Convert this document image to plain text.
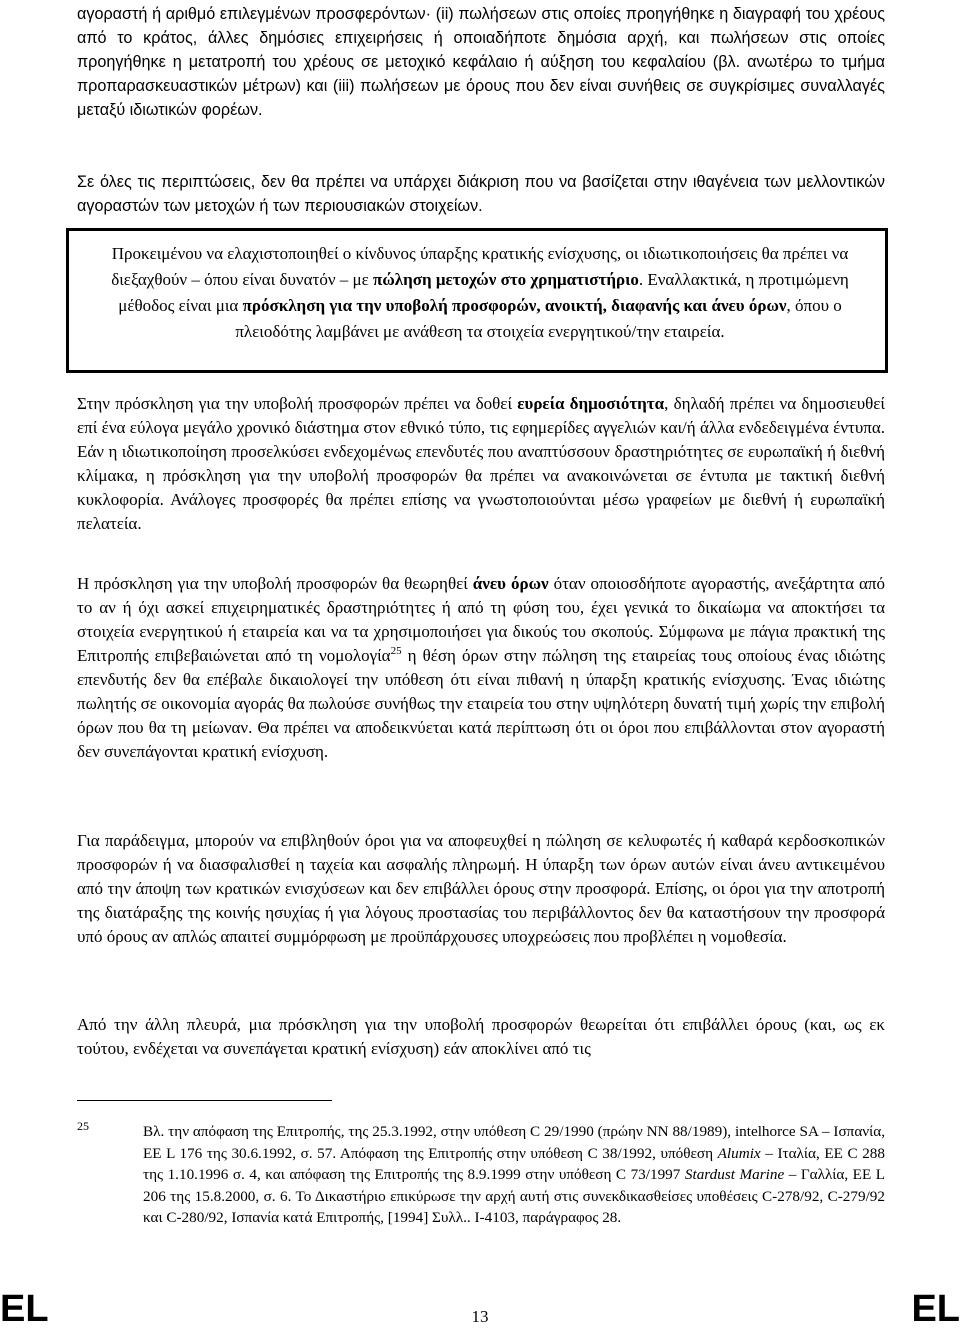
αγοραστή ή αριθμό επιλεγμένων προσφερόντων· (ii) πωλήσεων στις οποίες προηγήθηκε η διαγραφή του χρέους από το κράτος, άλλες δημόσιες επιχειρήσεις ή οποιαδήποτε δημόσια αρχή, και πωλήσεων στις οποίες προηγήθηκε η μετατροπή του χρέους σε μετοχικό κεφάλαιο ή αύξηση του κεφαλαίου (βλ. ανωτέρω το τμήμα προπαρασκευαστικών μέτρων) και (iii) πωλήσεων με όρους που δεν είναι συνήθεις σε συγκρίσιμες συναλλαγές μεταξύ ιδιωτικών φορέων.

Σε όλες τις περιπτώσεις, δεν θα πρέπει να υπάρχει διάκριση που να βασίζεται στην ιθαγένεια των μελλοντικών αγοραστών των μετοχών ή των περιουσιακών στοιχείων.

Προκειμένου να ελαχιστοποιηθεί ο κίνδυνος ύπαρξης κρατικής ενίσχυσης, οι ιδιωτικοποιήσεις θα πρέπει να διεξαχθούν – όπου είναι δυνατόν – με πώληση μετοχών στο χρηματιστήριο. Εναλλακτικά, η προτιμώμενη μέθοδος είναι μια πρόσκληση για την υποβολή προσφορών, ανοικτή, διαφανής και άνευ όρων, όπου ο πλειοδότης λαμβάνει με ανάθεση τα στοιχεία ενεργητικού/την εταιρεία.

Στην πρόσκληση για την υποβολή προσφορών πρέπει να δοθεί ευρεία δημοσιότητα, δηλαδή πρέπει να δημοσιευθεί επί ένα εύλογα μεγάλο χρονικό διάστημα στον εθνικό τύπο, τις εφημερίδες αγγελιών και/ή άλλα ενδεδειγμένα έντυπα. Εάν η ιδιωτικοποίηση προσελκύσει ενδεχομένως επενδυτές που αναπτύσσουν δραστηριότητες σε ευρωπαϊκή ή διεθνή κλίμακα, η πρόσκληση για την υποβολή προσφορών θα πρέπει να ανακοινώνεται σε έντυπα με τακτική διεθνή κυκλοφορία. Ανάλογες προσφορές θα πρέπει επίσης να γνωστοποιούνται μέσω γραφείων με διεθνή ή ευρωπαϊκή πελατεία.

Η πρόσκληση για την υποβολή προσφορών θα θεωρηθεί άνευ όρων όταν οποιοσδήποτε αγοραστής, ανεξάρτητα από το αν ή όχι ασκεί επιχειρηματικές δραστηριότητες ή από τη φύση του, έχει γενικά το δικαίωμα να αποκτήσει τα στοιχεία ενεργητικού ή εταιρεία και να τα χρησιμοποιήσει για δικούς του σκοπούς. Σύμφωνα με πάγια πρακτική της Επιτροπής επιβεβαιώνεται από τη νομολογία$^{25}$ η θέση όρων στην πώληση της εταιρείας τους οποίους ένας ιδιώτης επενδυτής δεν θα επέβαλε δικαιολογεί την υπόθεση ότι είναι πιθανή η ύπαρξη κρατικής ενίσχυσης. Ένας ιδιώτης πωλητής σε οικονομία αγοράς θα πωλούσε συνήθως την εταιρεία του στην υψηλότερη δυνατή τιμή χωρίς την επιβολή όρων που θα τη μείωναν. Θα πρέπει να αποδεικνύεται κατά περίπτωση ότι οι όροι που επιβάλλονται στον αγοραστή δεν συνεπάγονται κρατική ενίσχυση.

Για παράδειγμα, μπορούν να επιβληθούν όροι για να αποφευχθεί η πώληση σε κελυφωτές ή καθαρά κερδοσκοπικών προσφορών ή να διασφαλισθεί η ταχεία και ασφαλής πληρωμή. Η ύπαρξη των όρων αυτών είναι άνευ αντικειμένου από την άποψη των κρατικών ενισχύσεων και δεν επιβάλλει όρους στην προσφορά. Επίσης, οι όροι για την αποτροπή της διατάραξης της κοινής ησυχίας ή για λόγους προστασίας του περιβάλλοντος δεν θα καταστήσουν την προσφορά υπό όρους αν απλώς απαιτεί συμμόρφωση με προϋπάρχουσες υποχρεώσεις που προβλέπει η νομοθεσία.

Από την άλλη πλευρά, μια πρόσκληση για την υποβολή προσφορών θεωρείται ότι επιβάλλει όρους (και, ως εκ τούτου, ενδέχεται να συνεπάγεται κρατική ενίσχυση) εάν αποκλίνει από τις

25	Βλ. την απόφαση της Επιτροπής, της 25.3.1992, στην υπόθεση C 29/1990 (πρώην NN 88/1989), intelhorce SA – Ισπανία, ΕΕ L 176 της 30.6.1992, σ. 57. Απόφαση της Επιτροπής στην υπόθεση C 38/1992, υπόθεση Alumix – Ιταλία, ΕΕ C 288 της 1.10.1996 σ. 4, και απόφαση της Επιτροπής της 8.9.1999 στην υπόθεση C 73/1997 Stardust Marine – Γαλλία, ΕΕ L 206 της 15.8.2000, σ. 6. Το Δικαστήριο επικύρωσε την αρχή αυτή στις συνεκδικασθείσες υποθέσεις C-278/92, C-279/92 και C-280/92, Ισπανία κατά Επιτροπής, [1994] Συλλ.. I-4103, παράγραφος 28.

EL	13	EL
